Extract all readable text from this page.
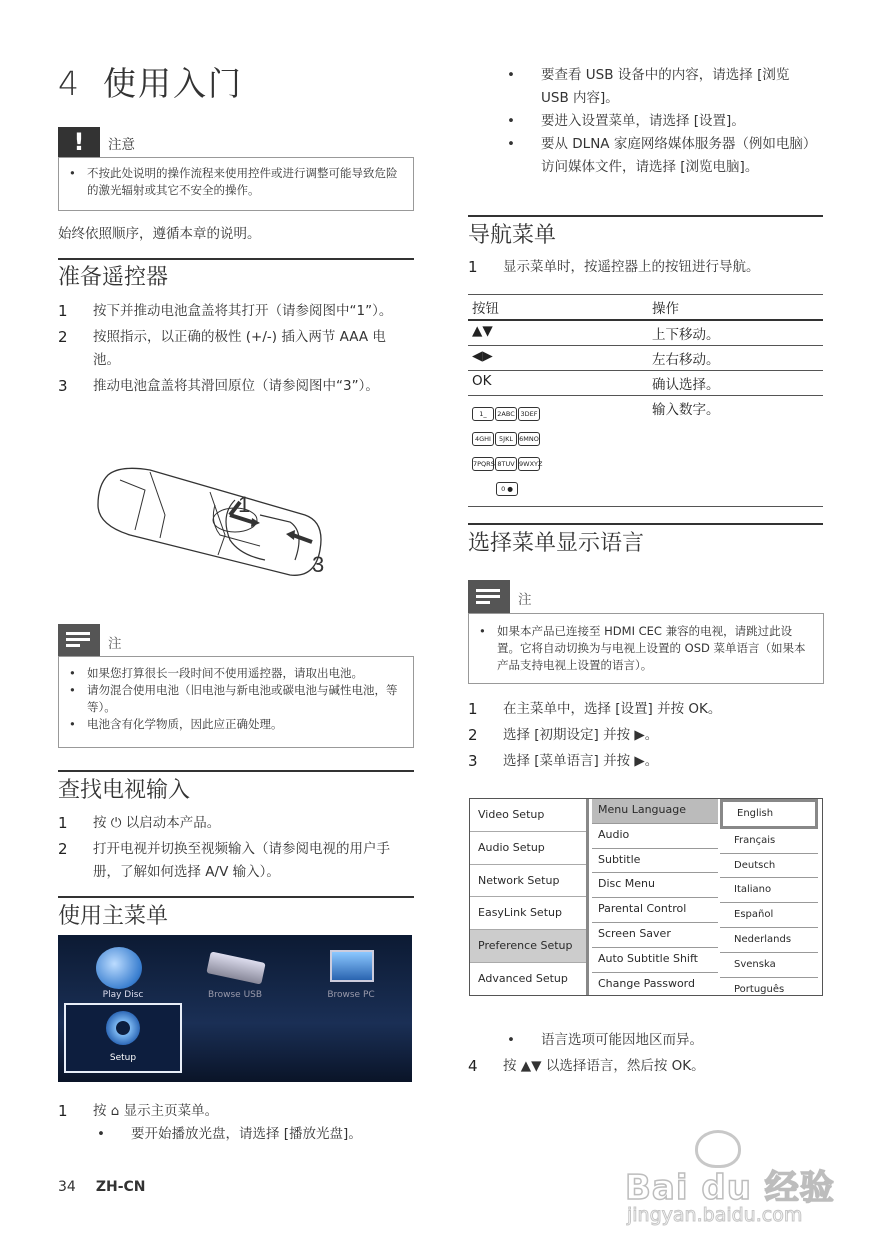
4 使用入门
!	注意
• 不按此处说明的操作流程来使用控件或进行调整可能导致危险的激光辐射或其它不安全的操作。
始终依照顺序，遵循本章的说明。
准备遥控器
1	按下并推动电池盒盖将其打开（请参阅图中“1”）。
2	按照指示，以正确的极性 (+/-) 插入两节 AAA 电池。
3	推动电池盒盖将其滑回原位（请参阅图中“3”）。
1
3
注
• 如果您打算很长一段时间不使用遥控器，请取出电池。
• 请勿混合使用电池（旧电池与新电池或碳电池与碱性电池，等等）。
• 电池含有化学物质，因此应正确处理。
查找电视输入
1	按 ⏻ 以启动本产品。
2	打开电视并切换至视频输入（请参阅电视的用户手册，了解如何选择 A/V 输入）。
使用主菜单
Play Disc	Browse USB	Browse PC
Setup
1	按 ⌂ 显示主页菜单。
•	要开始播放光盘，请选择 [播放光盘]。
34 ZH-CN
•	要查看 USB 设备中的内容，请选择 [浏览 USB 内容]。
•	要进入设置菜单，请选择 [设置]。
•	要从 DLNA 家庭网络媒体服务器（例如电脑）访问媒体文件，请选择 [浏览电脑]。
导航菜单
1	显示菜单时，按遥控器上的按钮进行导航。
按钮	操作
▲▼	上下移动。
◀▶	左右移动。
OK	确认选择。

1_ 2ABC 3DEF 4GHI 5JKL 6MNO 7PQRS 8TUV 9WXYZ 0 ●	输入数字。
选择菜单显示语言
注
• 如果本产品已连接至 HDMI CEC 兼容的电视，请跳过此设置。它将自动切换为与电视上设置的 OSD 菜单语言（如果本产品支持电视上设置的语言）。
1	在主菜单中，选择 [设置] 并按 OK。
2	选择 [初期设定] 并按 ▶。
3	选择 [菜单语言] 并按 ▶。
Video Setup
Audio Setup
Network Setup
EasyLink Setup
Preference Setup
Advanced Setup
Menu Language
Audio
Subtitle
Disc Menu
Parental Control
Screen Saver
Auto Subtitle Shift
Change Password
English
Français
Deutsch
Italiano
Español
Nederlands
Svenska
Português
•	语言选项可能因地区而异。
4	按 ▲▼ 以选择语言，然后按 OK。
Bai du 经验
jingyan.baidu.com
